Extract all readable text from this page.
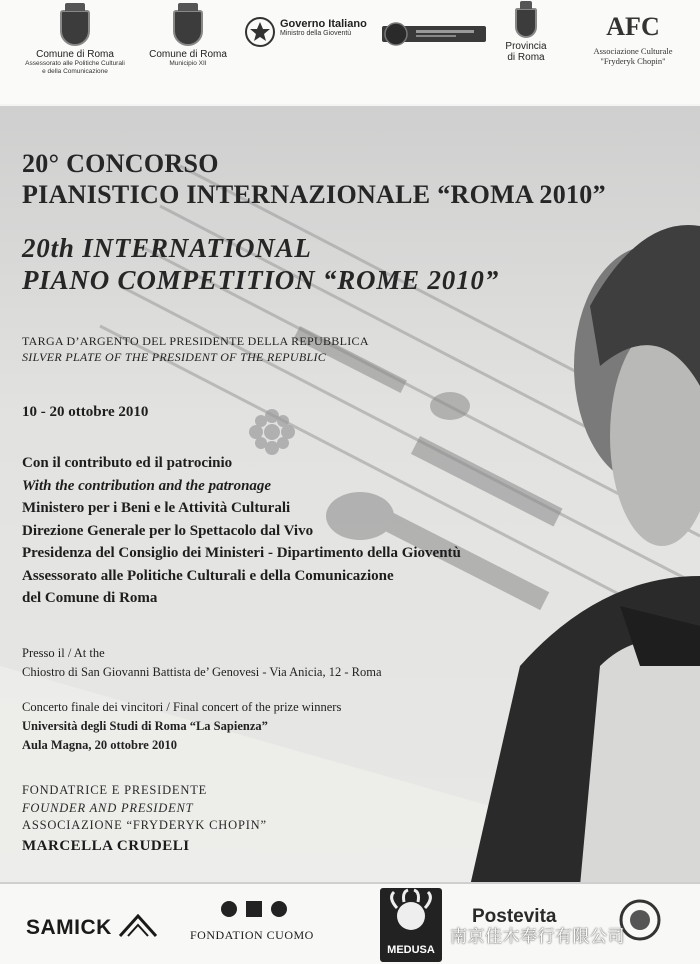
Comune di Roma
Assessorato alle Politiche Culturali
e della Comunicazione
Comune di Roma
Municipio XII
Governo Italiano
Ministro della Gioventù
Provincia
di Roma
AFC
Associazione Culturale
"Fryderyk Chopin"
20° CONCORSO
PIANISTICO INTERNAZIONALE “ROMA 2010”
20th INTERNATIONAL
PIANO COMPETITION “ROME 2010”
TARGA D’ARGENTO DEL PRESIDENTE DELLA REPUBBLICA
SILVER PLATE OF THE PRESIDENT OF THE REPUBLIC
10 - 20 ottobre 2010
Con il contributo ed il patrocinio
With the contribution and the patronage
Ministero per i Beni e le Attività Culturali
Direzione Generale per lo Spettacolo dal Vivo
Presidenza del Consiglio dei Ministeri - Dipartimento della Gioventù
Assessorato alle Politiche Culturali e della Comunicazione
del Comune di Roma
Presso il / At the
Chiostro di San Giovanni Battista de’ Genovesi - Via Anicia, 12 - Roma
Concerto finale dei vincitori / Final concert of the prize winners
Università degli Studi di Roma “La Sapienza”
Aula Magna, 20 ottobre 2010
FONDATRICE E PRESIDENTE
FOUNDER AND PRESIDENT
ASSOCIAZIONE “FRYDERYK CHOPIN”
MARCELLA CRUDELI
SAMICK	FONDATION CUOMO
MEDUSA
Postevita
南京佳木奉行有限公司
